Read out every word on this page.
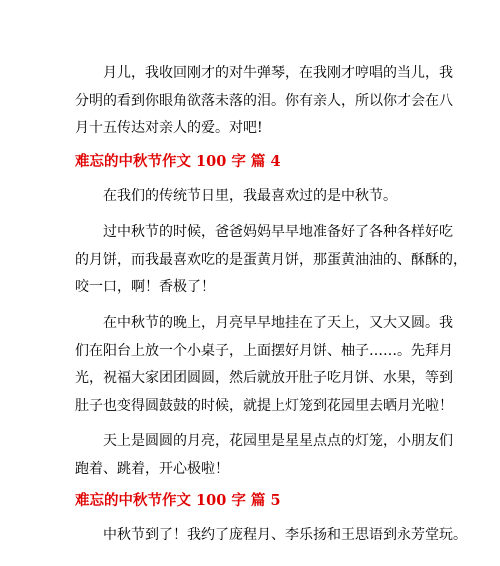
月儿，我收回刚才的对牛弹琴，在我刚才哼唱的当儿，我
分明的看到你眼角欲落未落的泪。你有亲人，所以你才会在八
月十五传达对亲人的爱。对吧!

难忘的中秋节作文 100 字 篇 4

在我们的传统节日里，我最喜欢过的是中秋节。

过中秋节的时候，爸爸妈妈早早地准备好了各种各样好吃
的月饼，而我最喜欢吃的是蛋黄月饼，那蛋黄油油的、酥酥的，
咬一口，啊！香极了！

在中秋节的晚上，月亮早早地挂在了天上，又大又圆。我
们在阳台上放一个小桌子，上面摆好月饼、柚子……。先拜月
光，祝福大家团团圆圆，然后就放开肚子吃月饼、水果，等到
肚子也变得圆鼓鼓的时候，就提上灯笼到花园里去晒月光啦！

天上是圆圆的月亮，花园里是星星点点的灯笼，小朋友们
跑着、跳着，开心极啦！

难忘的中秋节作文 100 字 篇 5

中秋节到了！我约了庞程月、李乐扬和王思语到永芳堂玩。
